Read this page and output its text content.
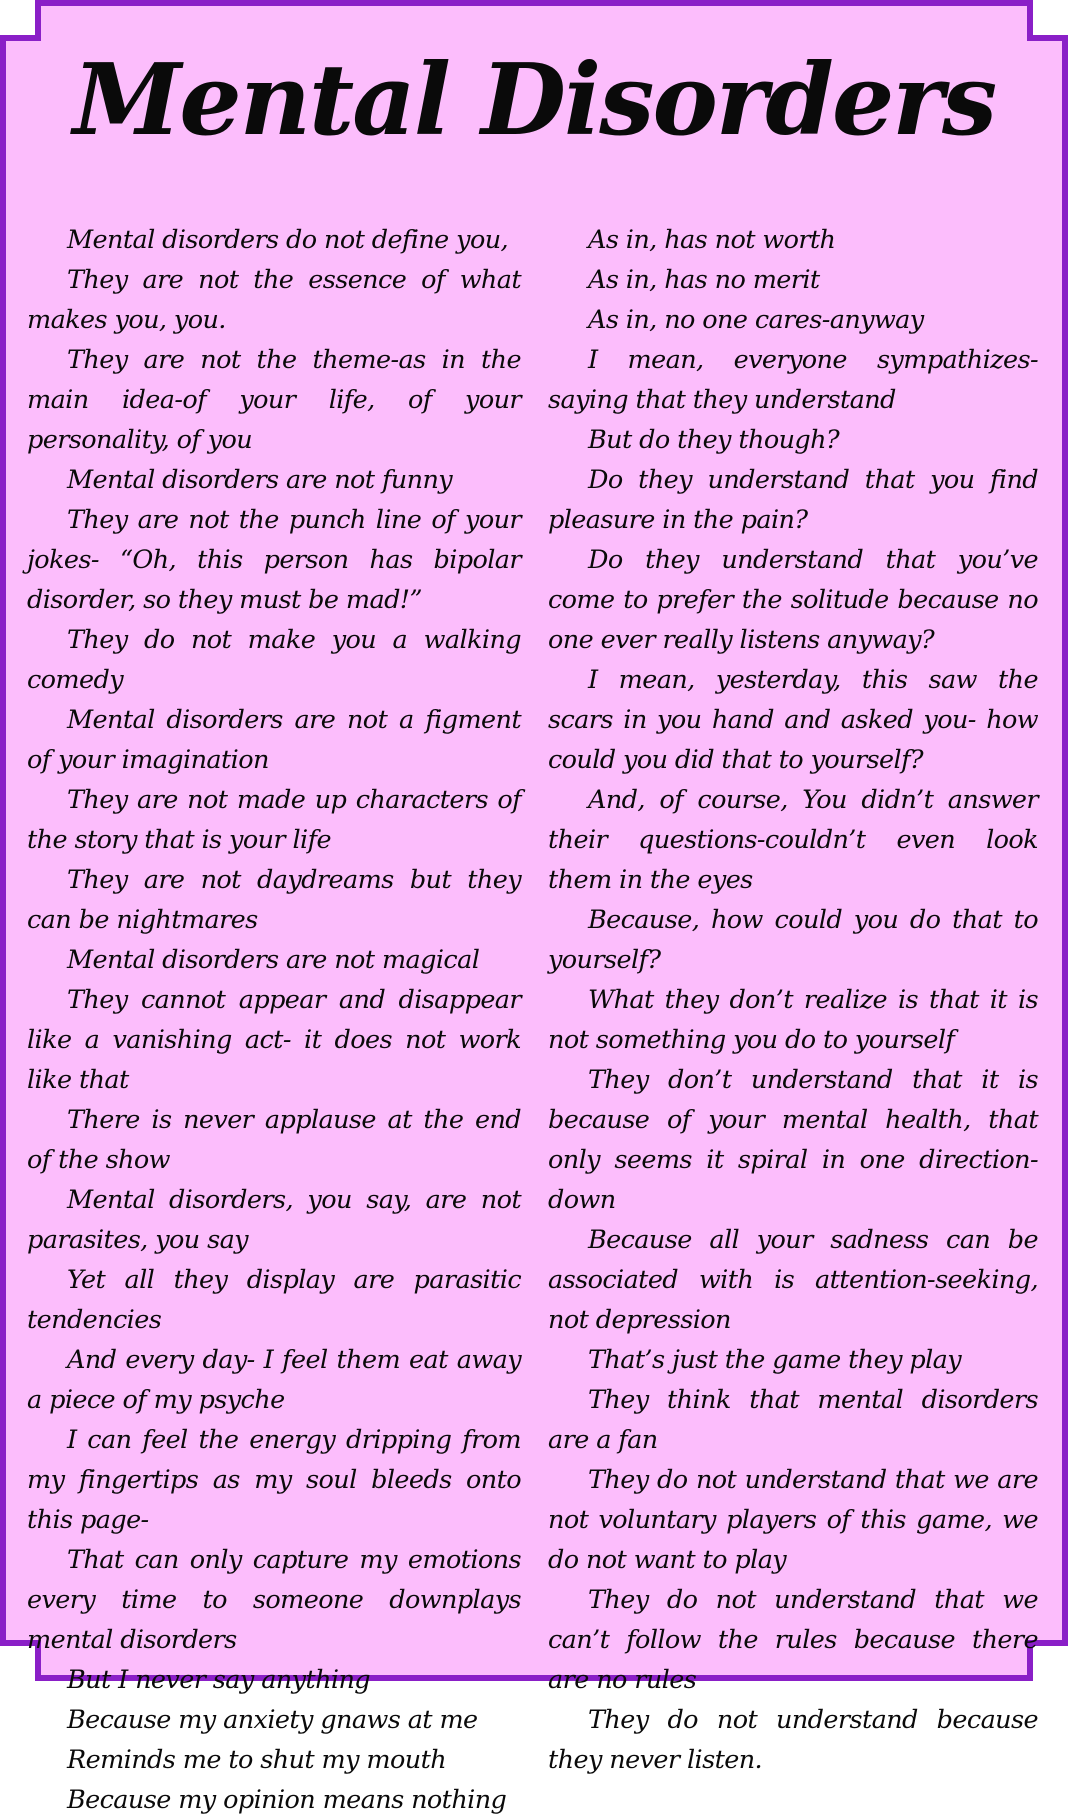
Mental Disorders

Mental disorders do not define you,

They are not the essence of what makes you, you.

They are not the theme-as in the main idea-of your life, of your personality, of you

Mental disorders are not funny

They are not the punch line of your jokes- “Oh, this person has bipolar disorder, so they must be mad!”

They do not make you a walking comedy

Mental disorders are not a figment of your imagination

They are not made up characters of the story that is your life

They are not daydreams but they can be nightmares

Mental disorders are not magical

They cannot appear and disappear like a vanishing act- it does not work like that

There is never applause at the end of the show

Mental disorders, you say, are not parasites, you say

Yet all they display are parasitic tendencies

And every day- I feel them eat away a piece of my psyche

I can feel the energy dripping from my fingertips as my soul bleeds onto this page-

That can only capture my emotions every time to someone downplays mental disorders

But I never say anything

Because my anxiety gnaws at me

Reminds me to shut my mouth

Because my opinion means nothing

As in, has not worth

As in, has no merit

As in, no one cares-anyway

I mean, everyone sympathizes- saying that they understand

But do they though?

Do they understand that you find pleasure in the pain?

Do they understand that you’ve come to prefer the solitude because no one ever really listens anyway?

I mean, yesterday, this saw the scars in you hand and asked you- how could you did that to yourself?

And, of course, You didn’t answer their questions-couldn’t even look them in the eyes

Because, how could you do that to yourself?

What they don’t realize is that it is not something you do to yourself

They don’t understand that it is because of your mental health, that only seems it spiral in one direction- down

Because all your sadness can be associated with is attention-seeking, not depression

That’s just the game they play

They think that mental disorders are a fan

They do not understand that we are not voluntary players of this game, we do not want to play

They do not understand that we can’t follow the rules because there are no rules

They do not understand because they never listen.
